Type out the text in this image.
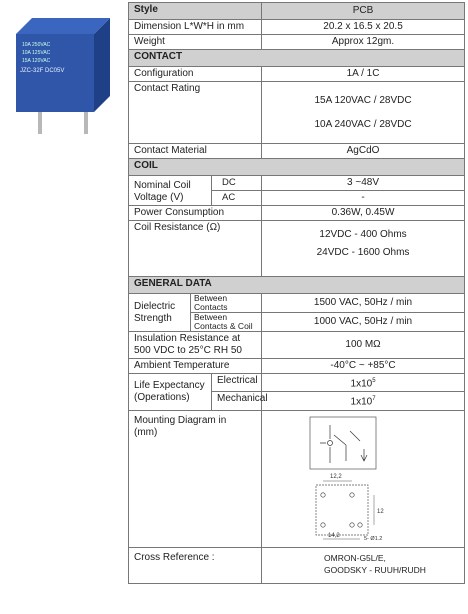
10A 250VAC
10A 125VAC
15A 120VAC
JZC-32F DC05V
Style			PCB
Dimension L*W*H in mm			20.2 x 16.5 x 20.5
Weight			Approx 12gm.
CONTACT			
Configuration			1A / 1C
Contact Rating			15A 120VAC / 28VDC

10A 240VAC / 28VDC

Contact Material			AgCdO
COIL			
Nominal Coil Voltage (V)		DC	3 ~48V
		AC	-
Power Consumption			0.36W, 0.45W
Coil Resistance (Ω)			12VDC - 400 Ohms
24VDC - 1600 Ohms

GENERAL DATA			
Dielectric Strength	Between Contacts		1500 VAC, 50Hz / min
	Between Contacts & Coil		1000 VAC, 50Hz / min
Insulation Resistance at 500 VDC to 25°C RH 50			100 MΩ
Ambient Temperature			-40°C ~ +85°C
Life Expectancy (Operations)		Electrical	$1x10^5$
		Mechanical	$1x10^7$
Mounting Diagram in (mm)			12,2
12
14,2 5- Ø1.2

Cross Reference :			OMRON-G5L/E,
GOODSKY - RUUH/RUDH
